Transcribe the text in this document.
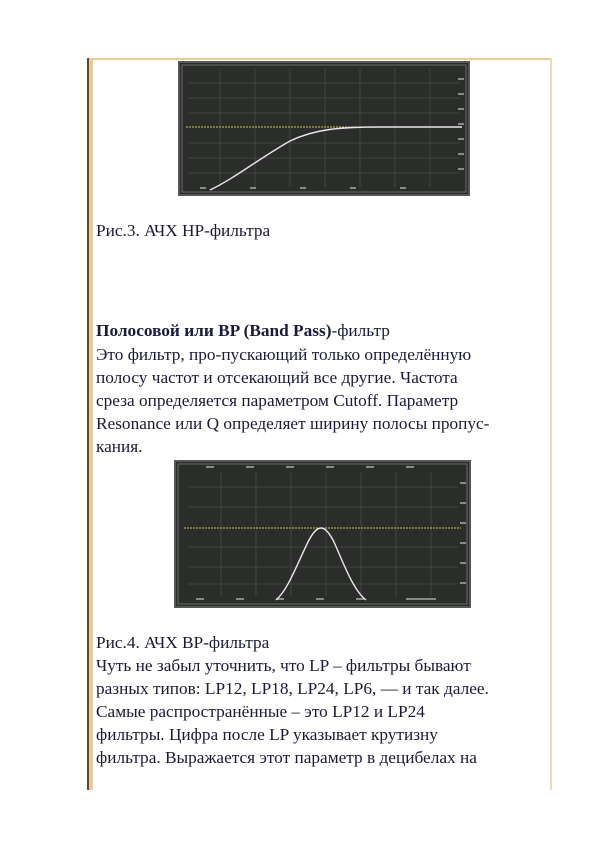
Рис.3. АЧХ НР-фильтра
Полосовой или BP (Band Pass)-фильтр
Это фильтр, про-пускающий только определённую
полосу частот и отсекающий все другие. Частота
среза определяется параметром Cutoff. Параметр
Resonance или Q определяет ширину полосы пропус-
кания.
Рис.4. АЧХ BP-фильтра
Чуть не забыл уточнить, что LP – фильтры бывают
разных типов: LP12, LP18, LP24, LP6, — и так далее.
Самые распространённые – это LP12 и LP24
фильтры. Цифра после LP указывает крутизну
фильтра. Выражается этот параметр в децибелах на
